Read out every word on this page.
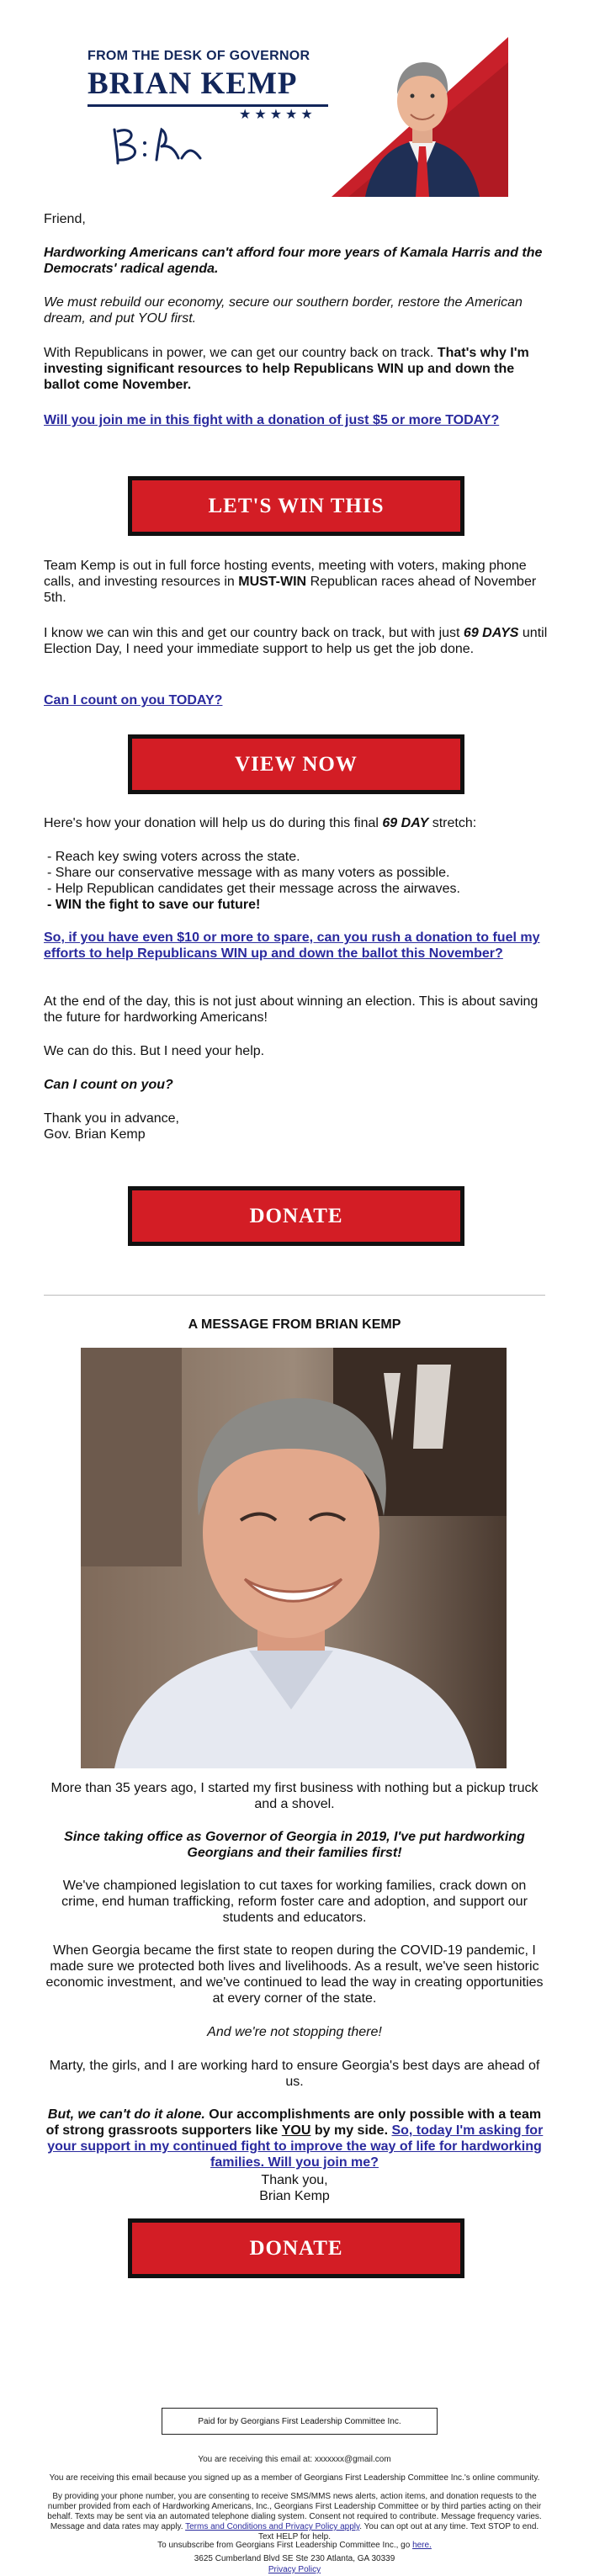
FROM THE DESK OF GOVERNOR
BRIAN KEMP
★★★★★
Friend,
Hardworking Americans can't afford four more years of Kamala Harris and the Democrats' radical agenda.
We must rebuild our economy, secure our southern border, restore the American dream, and put YOU first.
With Republicans in power, we can get our country back on track. That's why I'm investing significant resources to help Republicans WIN up and down the ballot come November.
Will you join me in this fight with a donation of just $5 or more TODAY?
LET'S WIN THIS
Team Kemp is out in full force hosting events, meeting with voters, making phone calls, and investing resources in MUST-WIN Republican races ahead of November 5th.
I know we can win this and get our country back on track, but with just 69 DAYS until Election Day, I need your immediate support to help us get the job done.
Can I count on you TODAY?
VIEW NOW
Here's how your donation will help us do during this final 69 DAY stretch:
- Reach key swing voters across the state.
- Share our conservative message with as many voters as possible.
- Help Republican candidates get their message across the airwaves.
- WIN the fight to save our future!
So, if you have even $10 or more to spare, can you rush a donation to fuel my efforts to help Republicans WIN up and down the ballot this November?
At the end of the day, this is not just about winning an election. This is about saving the future for hardworking Americans!
We can do this. But I need your help.
Can I count on you?
Thank you in advance,
Gov. Brian Kemp
DONATE
A MESSAGE FROM BRIAN KEMP
More than 35 years ago, I started my first business with nothing but a pickup truck and a shovel.
Since taking office as Governor of Georgia in 2019, I've put hardworking Georgians and their families first!
We've championed legislation to cut taxes for working families, crack down on crime, end human trafficking, reform foster care and adoption, and support our students and educators.
When Georgia became the first state to reopen during the COVID-19 pandemic, I made sure we protected both lives and livelihoods. As a result, we've seen historic economic investment, and we've continued to lead the way in creating opportunities at every corner of the state.
And we're not stopping there!
Marty, the girls, and I are working hard to ensure Georgia's best days are ahead of us.
But, we can't do it alone. Our accomplishments are only possible with a team of strong grassroots supporters like YOU by my side. So, today I'm asking for your support in my continued fight to improve the way of life for hardworking families. Will you join me?
Thank you,
Brian Kemp
DONATE
Paid for by Georgians First Leadership Committee Inc.
You are receiving this email at: xxxxxxx@gmail.com
You are receiving this email because you signed up as a member of Georgians First Leadership Committee Inc.'s online community.
By providing your phone number, you are consenting to receive SMS/MMS news alerts, action items, and donation requests to the number provided from each of Hardworking Americans, Inc., Georgians First Leadership Committee or by third parties acting on their behalf. Texts may be sent via an automated telephone dialing system. Consent not required to contribute. Message frequency varies. Message and data rates may apply. Terms and Conditions and Privacy Policy apply. You can opt out at any time. Text STOP to end. Text HELP for help.
To unsubscribe from Georgians First Leadership Committee Inc., go here.
3625 Cumberland Blvd SE Ste 230 Atlanta, GA 30339
Privacy Policy
